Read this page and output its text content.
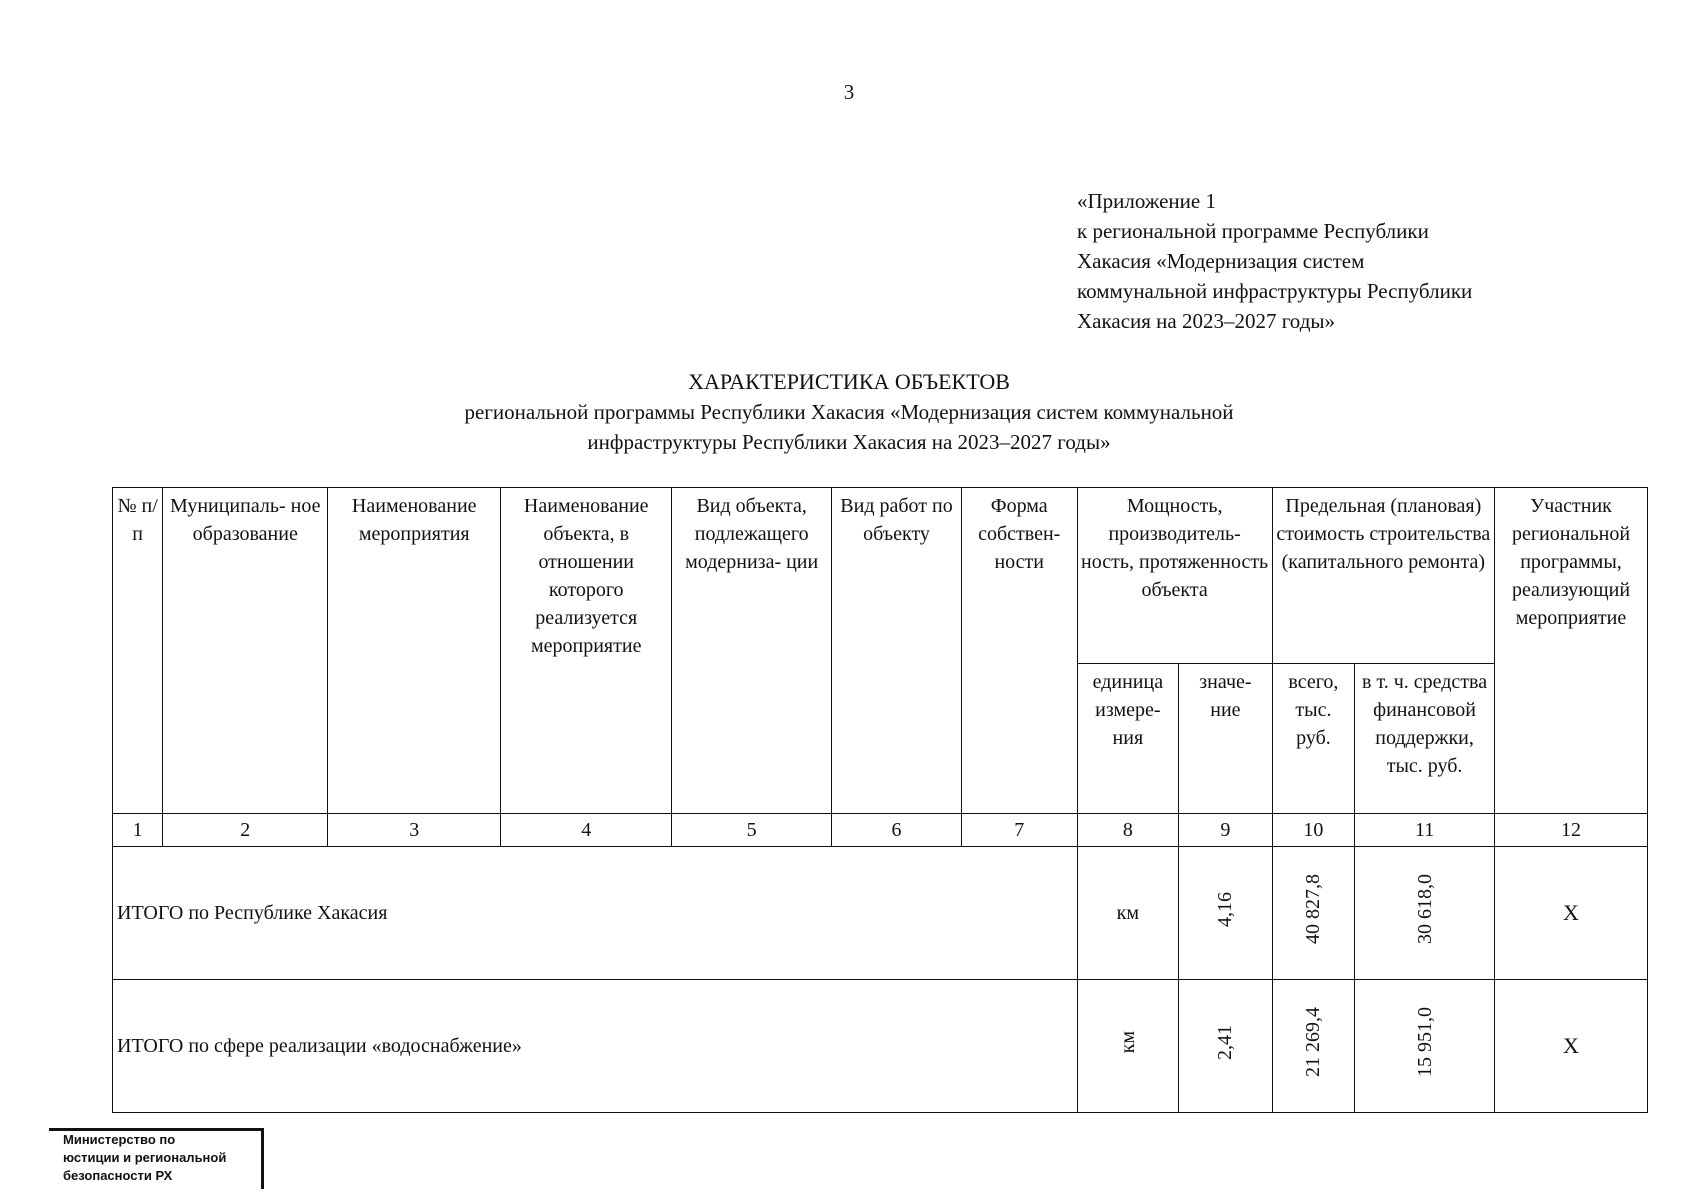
3
«Приложение 1
к региональной программе Республики
Хакасия «Модернизация систем
коммунальной инфраструктуры Республики
Хакасия на 2023–2027 годы»
ХАРАКТЕРИСТИКА ОБЪЕКТОВ
региональной программы Республики Хакасия «Модернизация систем коммунальной
инфраструктуры Республики Хакасия на 2023–2027 годы»
№ п/п	Муниципаль- ное образование	Наименование мероприятия	Наименование объекта, в отношении которого реализуется мероприятие	Вид объекта, подлежащего модерниза- ции	Вид работ по объекту	Форма собствен- ности	Мощность, производитель- ность, протяженность объекта		Предельная (плановая) стоимость строительства (капитального ремонта)		Участник региональной программы, реализующий мероприятие
							единица измере- ния	значе- ние	всего, тыс. руб.	в т. ч. средства финансовой поддержки, тыс. руб.	
1	2	3	4	5	6	7	8	9	10	11	12
ИТОГО по Республике Хакасия							км	4,16	40 827,8	30 618,0	Х
ИТОГО по сфере реализации «водоснабжение»							км	2,41	21 269,4	15 951,0	Х
Министерство по
юстиции и региональной
безопасности РХ
